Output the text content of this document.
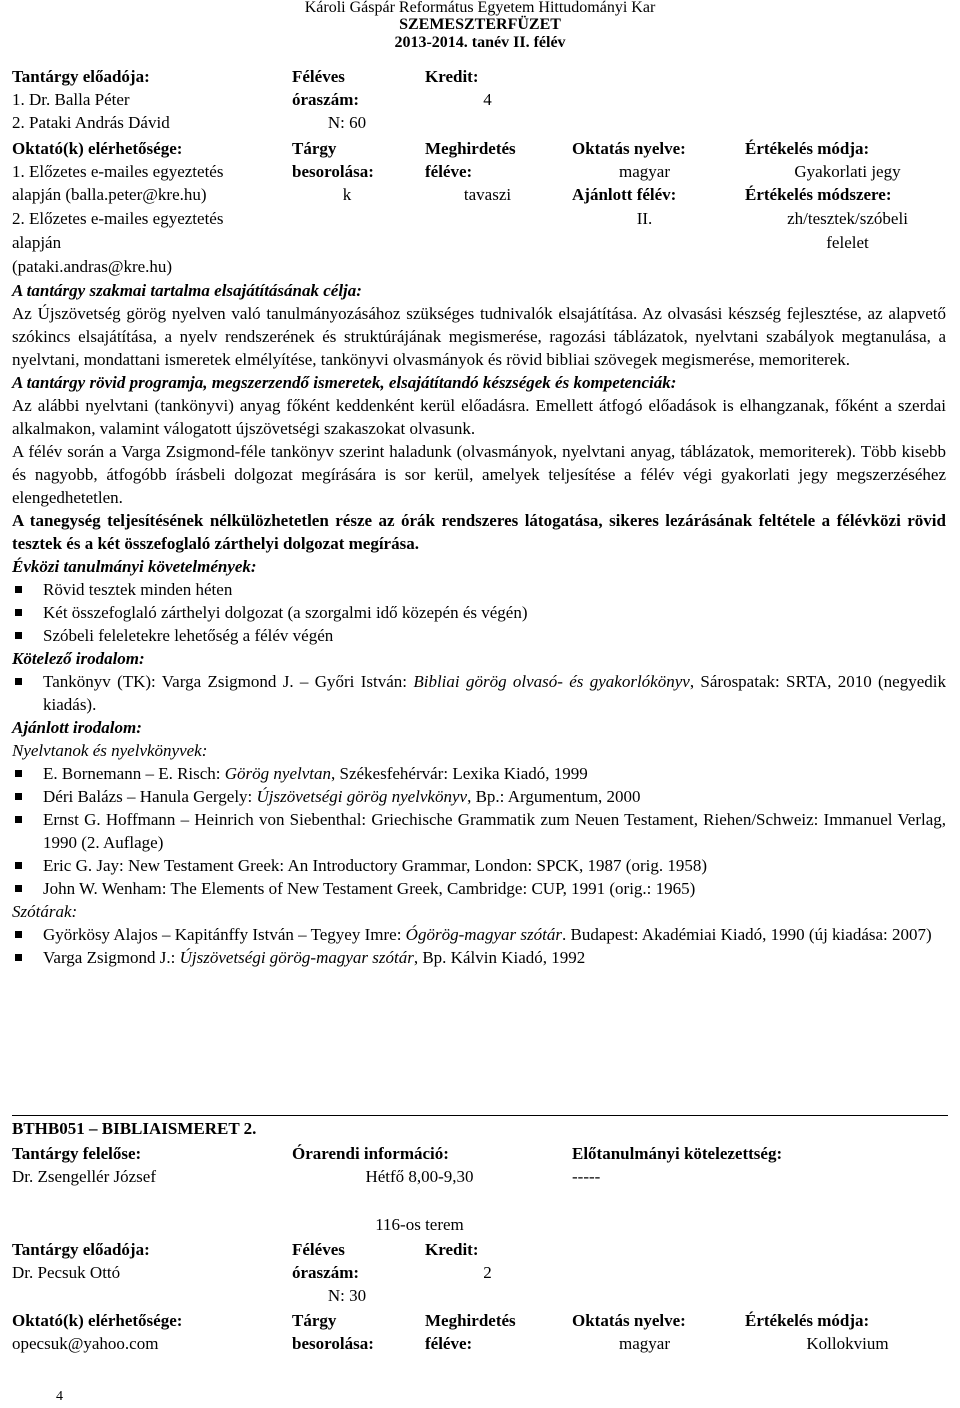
Károli Gáspár Református Egyetem Hittudományi Kar
SZEMESZTERFÜZET
2013-2014. tanév II. félév
Tantárgy előadója:
1. Dr. Balla Péter
2. Pataki András Dávid
Oktató(k) elérhetősége:
1. Előzetes e-mailes egyeztetés
alapján (balla.peter@kre.hu)
2. Előzetes e-mailes egyeztetés
alapján
(pataki.andras@kre.hu)
Féléves
óraszám:
N: 60
Tárgy
besorolása:
k
Kredit:
4
Meghirdetés
féléve:
tavaszi
Oktatás nyelve:
magyar
Ajánlott félév:
II.
Értékelés módja:
Gyakorlati jegy
Értékelés módszere:
zh/tesztek/szóbeli
felelet

A tantárgy szakmai tartalma elsajátításának célja:

Az Újszövetség görög nyelven való tanulmányozásához szükséges tudnivalók elsajátítása. Az olvasási készség fejlesztése, az alapvető szókincs elsajátítása, a nyelv rendszerének és struktúrájának megismerése, ragozási táblázatok, nyelvtani szabályok megtanulása, a nyelvtani, mondattani ismeretek elmélyítése, tankönyvi olvasmányok és rövid bibliai szövegek megismerése, memoriterek.

A tantárgy rövid programja, megszerzendő ismeretek, elsajátítandó készségek és kompetenciák:

Az alábbi nyelvtani (tankönyvi) anyag főként keddenként kerül előadásra. Emellett átfogó előadások is elhangzanak, főként a szerdai alkalmakon, valamint válogatott újszövetségi szakaszokat olvasunk.

A félév során a Varga Zsigmond-féle tankönyv szerint haladunk (olvasmányok, nyelvtani anyag, táblázatok, memoriterek). Több kisebb és nagyobb, átfogóbb írásbeli dolgozat megírására is sor kerül, amelyek teljesítése a félév végi gyakorlati jegy megszerzéséhez elengedhetetlen.

A tanegység teljesítésének nélkülözhetetlen része az órák rendszeres látogatása, sikeres lezárásának feltétele a félévközi rövid tesztek és a két összefoglaló zárthelyi dolgozat megírása.

Évközi tanulmányi követelmények:

Rövid tesztek minden héten
Két összefoglaló zárthelyi dolgozat (a szorgalmi idő közepén és végén)
Szóbeli feleletekre lehetőség a félév végén

Kötelező irodalom:

Tankönyv (TK): Varga Zsigmond J. – Győri István: Bibliai görög olvasó- és gyakorlókönyv, Sárospatak: SRTA, 2010 (negyedik kiadás).

Ajánlott irodalom:

Nyelvtanok és nyelvkönyvek:

E. Bornemann – E. Risch: Görög nyelvtan, Székesfehérvár: Lexika Kiadó, 1999
Déri Balázs – Hanula Gergely: Újszövetségi görög nyelvkönyv, Bp.: Argumentum, 2000
Ernst G. Hoffmann – Heinrich von Siebenthal: Griechische Grammatik zum Neuen Testament, Riehen/Schweiz: Immanuel Verlag, 1990 (2. Auflage)
Eric G. Jay: New Testament Greek: An Introductory Grammar, London: SPCK, 1987 (orig. 1958)
John W. Wenham: The Elements of New Testament Greek, Cambridge: CUP, 1991 (orig.: 1965)

Szótárak:

Györkösy Alajos – Kapitánffy István – Tegyey Imre: Ógörög-magyar szótár. Budapest: Akadémiai Kiadó, 1990 (új kiadása: 2007)
Varga Zsigmond J.: Újszövetségi görög-magyar szótár, Bp. Kálvin Kiadó, 1992
BTHB051 – BIBLIAISMERET 2.
Tantárgy felelőse:
Dr. Zsengellér József
Órarendi információ:
Hétfő 8,00-9,30
116-os terem
Előtanulmányi kötelezettség:
-----
Tantárgy előadója:
Dr. Pecsuk Ottó
Féléves
óraszám:
N: 30
Kredit:
2
Oktató(k) elérhetősége:
opecsuk@yahoo.com
Tárgy
besorolása:
Meghirdetés
féléve:
Oktatás nyelve:
magyar
Értékelés módja:
Kollokvium
4
